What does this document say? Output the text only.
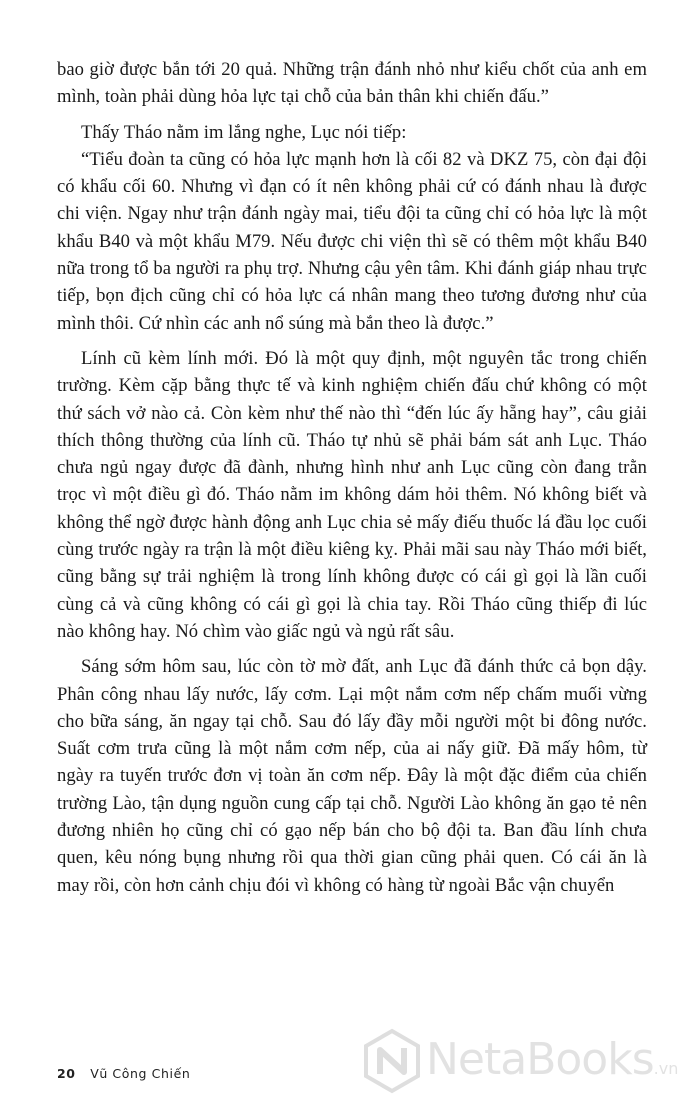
bao giờ được bắn tới 20 quả. Những trận đánh nhỏ như kiểu chốt của anh em mình, toàn phải dùng hỏa lực tại chỗ của bản thân khi chiến đấu.”

Thấy Tháo nằm im lắng nghe, Lục nói tiếp:

“Tiểu đoàn ta cũng có hỏa lực mạnh hơn là cối 82 và DKZ 75, còn đại đội có khẩu cối 60. Nhưng vì đạn có ít nên không phải cứ có đánh nhau là được chi viện. Ngay như trận đánh ngày mai, tiểu đội ta cũng chỉ có hỏa lực là một khẩu B40 và một khẩu M79. Nếu được chi viện thì sẽ có thêm một khẩu B40 nữa trong tổ ba người ra phụ trợ. Nhưng cậu yên tâm. Khi đánh giáp nhau trực tiếp, bọn địch cũng chỉ có hỏa lực cá nhân mang theo tương đương như của mình thôi. Cứ nhìn các anh nổ súng mà bắn theo là được.”

Lính cũ kèm lính mới. Đó là một quy định, một nguyên tắc trong chiến trường. Kèm cặp bằng thực tế và kinh nghiệm chiến đấu chứ không có một thứ sách vở nào cả. Còn kèm như thế nào thì “đến lúc ấy hẵng hay”, câu giải thích thông thường của lính cũ. Tháo tự nhủ sẽ phải bám sát anh Lục. Tháo chưa ngủ ngay được đã đành, nhưng hình như anh Lục cũng còn đang trằn trọc vì một điều gì đó. Tháo nằm im không dám hỏi thêm. Nó không biết và không thể ngờ được hành động anh Lục chia sẻ mấy điếu thuốc lá đầu lọc cuối cùng trước ngày ra trận là một điều kiêng kỵ. Phải mãi sau này Tháo mới biết, cũng bằng sự trải nghiệm là trong lính không được có cái gì gọi là lần cuối cùng cả và cũng không có cái gì gọi là chia tay. Rồi Tháo cũng thiếp đi lúc nào không hay. Nó chìm vào giấc ngủ và ngủ rất sâu.

Sáng sớm hôm sau, lúc còn tờ mờ đất, anh Lục đã đánh thức cả bọn dậy. Phân công nhau lấy nước, lấy cơm. Lại một nắm cơm nếp chấm muối vừng cho bữa sáng, ăn ngay tại chỗ. Sau đó lấy đầy mỗi người một bi đông nước. Suất cơm trưa cũng là một nắm cơm nếp, của ai nấy giữ. Đã mấy hôm, từ ngày ra tuyến trước đơn vị toàn ăn cơm nếp. Đây là một đặc điểm của chiến trường Lào, tận dụng nguồn cung cấp tại chỗ. Người Lào không ăn gạo tẻ nên đương nhiên họ cũng chỉ có gạo nếp bán cho bộ đội ta. Ban đầu lính chưa quen, kêu nóng bụng nhưng rồi qua thời gian cũng phải quen. Có cái ăn là may rồi, còn hơn cảnh chịu đói vì không có hàng từ ngoài Bắc vận chuyển

20 Vũ Công Chiến	NetaBooks.vn
